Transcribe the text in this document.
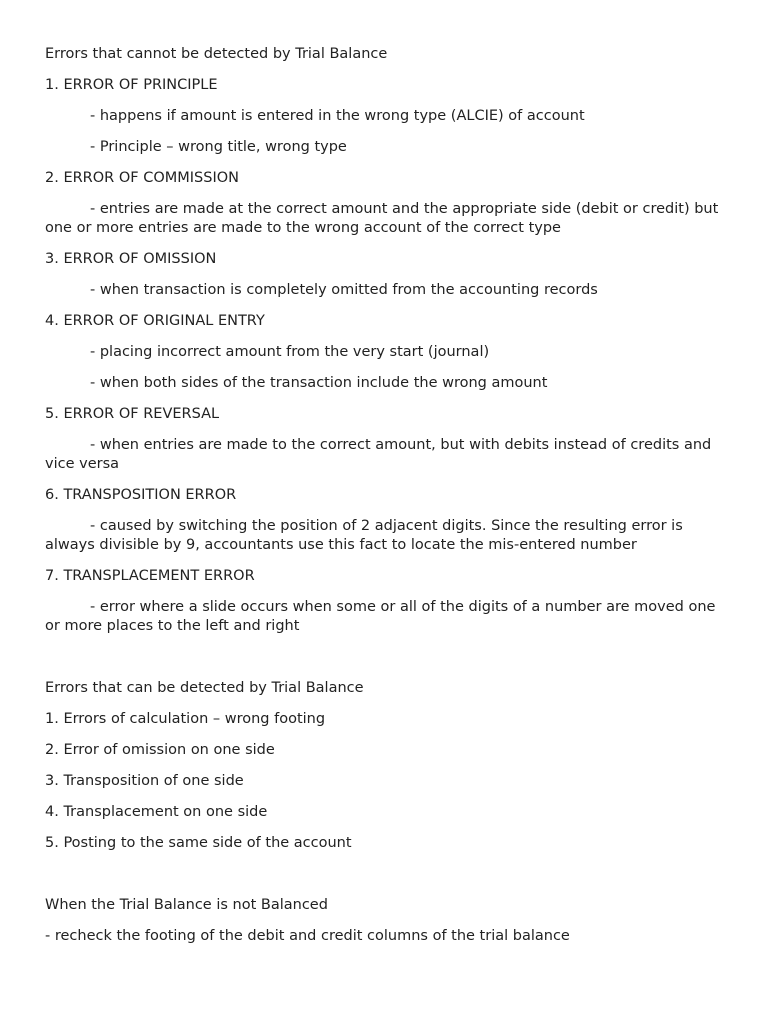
Errors that cannot be detected by Trial Balance

1. ERROR OF PRINCIPLE

- happens if amount is entered in the wrong type (ALCIE) of account

- Principle – wrong title, wrong type

2. ERROR OF COMMISSION

- entries are made at the correct amount and the appropriate side (debit or credit) but one or more entries are made to the wrong account of the correct type

3. ERROR OF OMISSION

- when transaction is completely omitted from the accounting records

4. ERROR OF ORIGINAL ENTRY

- placing incorrect amount from the very start (journal)

- when both sides of the transaction include the wrong amount

5. ERROR OF REVERSAL

- when entries are made to the correct amount, but with debits instead of credits and vice versa

6. TRANSPOSITION ERROR

- caused by switching the position of 2 adjacent digits. Since the resulting error is always divisible by 9, accountants use this fact to locate the mis-entered number

7. TRANSPLACEMENT ERROR

- error where a slide occurs when some or all of the digits of a number are moved one or more places to the left and right

Errors that can be detected by Trial Balance

1. Errors of calculation – wrong footing

2. Error of omission on one side

3. Transposition of one side

4. Transplacement on one side

5. Posting to the same side of the account

When the Trial Balance is not Balanced

- recheck the footing of the debit and credit columns of the trial balance
